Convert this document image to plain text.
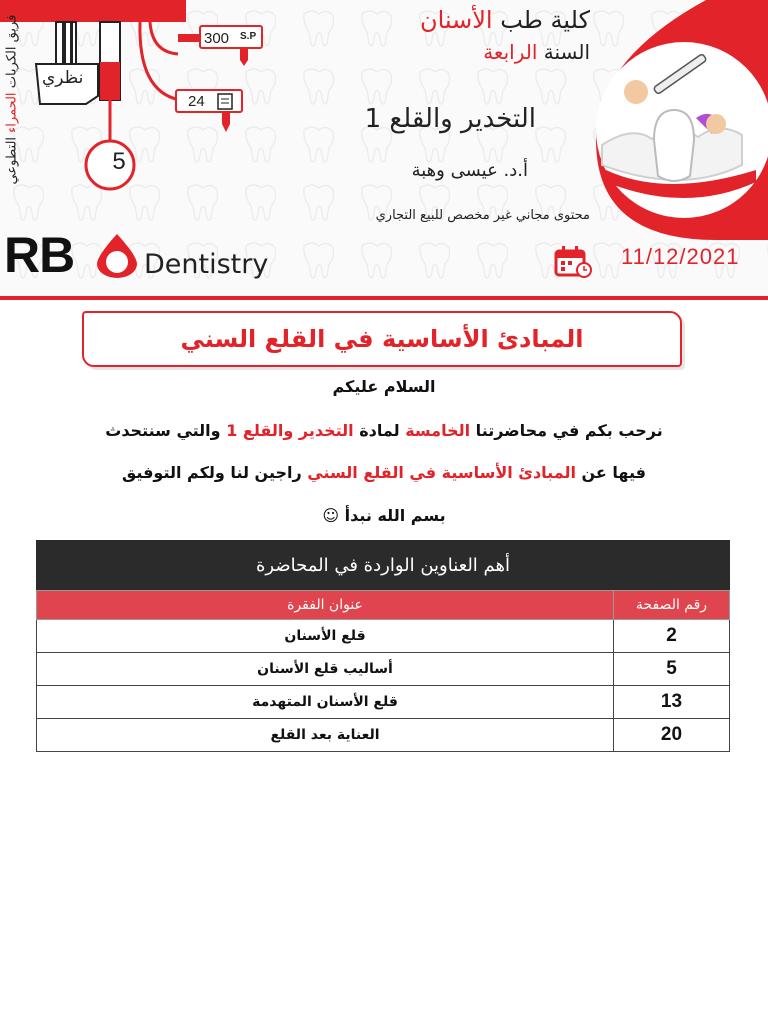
300 S.P
24
نظري
5
فريق الكريات الحمراء التطوعي
كلية طب الأسنان
السنة الرابعة
التخدير والقلع 1
أ.د. عيسى وهبة
محتوى مجاني غير مخصص للبيع التجاري
RB	Dentistry	11/12/2021
المبادئ الأساسية في القلع السني
السلام عليكم
نرحب بكم في محاضرتنا الخامسة لمادة التخدير والقلع 1 والتي سنتحدث
فيها عن المبادئ الأساسية في القلع السني راجين لنا ولكم التوفيق
بسم الله نبدأ ☺
أهم العناوين الواردة في المحاضرة
رقم الصفحة	عنوان الفقرة
2	قلع الأسنان
5	أساليب قلع الأسنان
13	قلع الأسنان المتهدمة
20	العناية بعد القلع
